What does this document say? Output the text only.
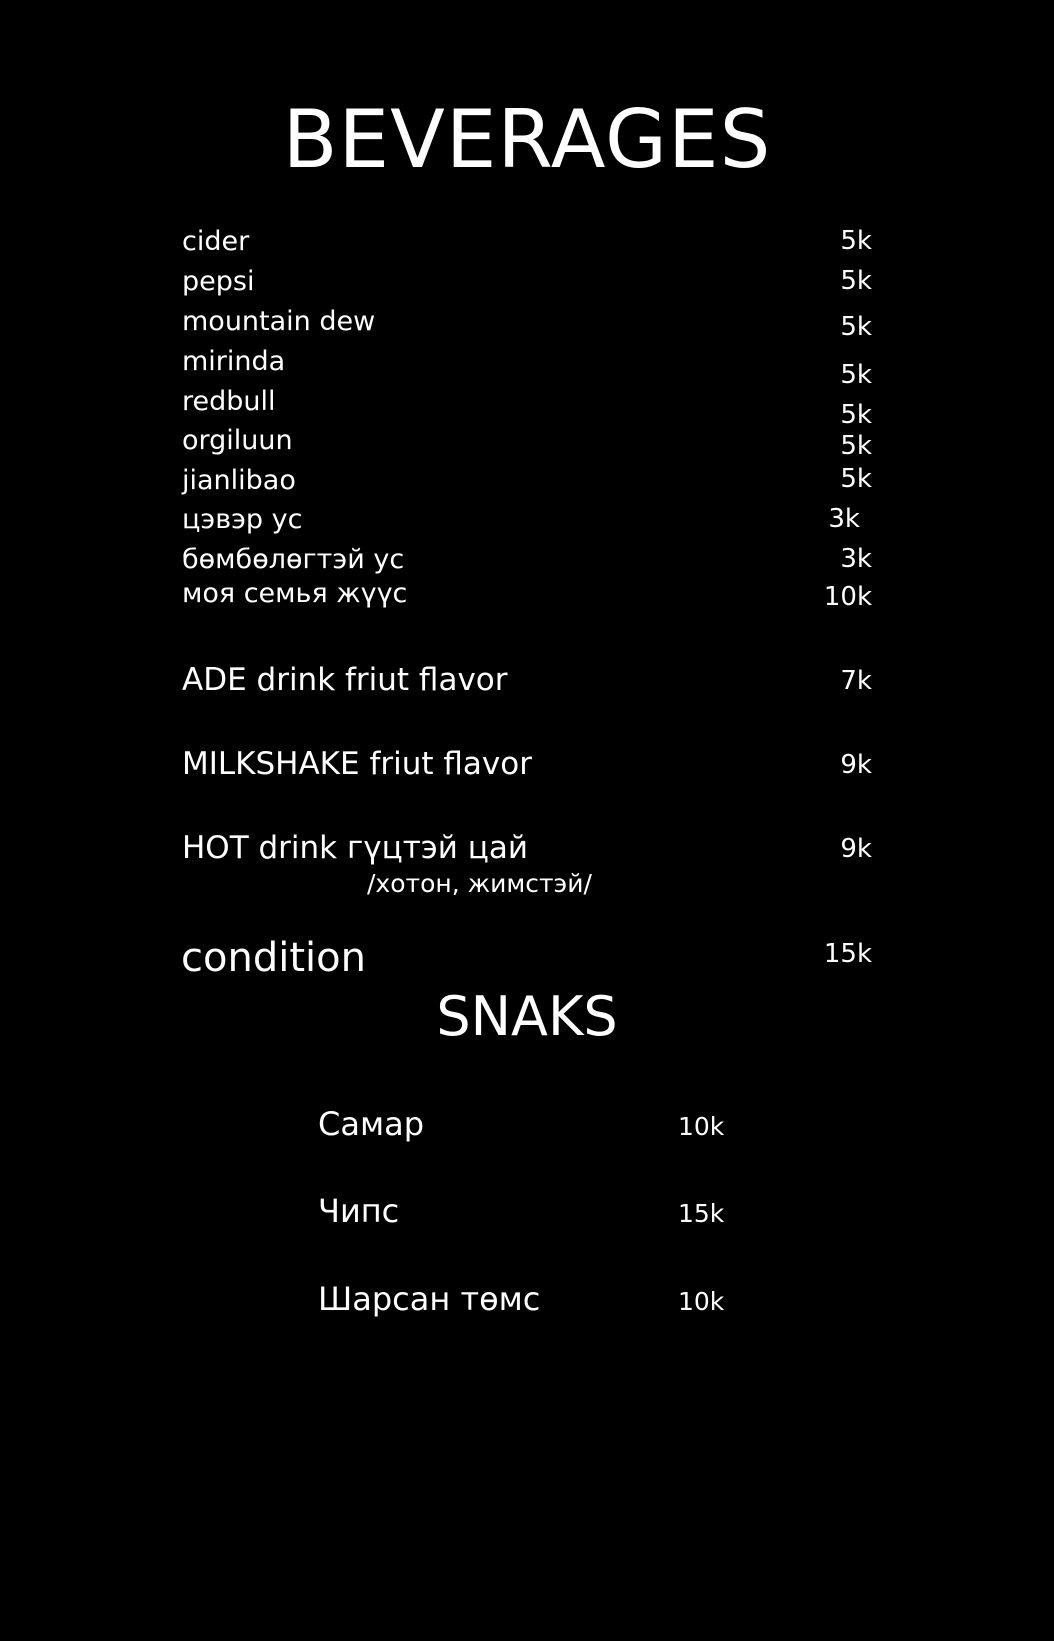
BEVERAGES
cider	5k
pepsi	5k
mountain dew	5k
mirinda	5k
redbull	5k
orgiluun	5k
jianlibao	5k
цэвэр ус	3k
бөмбөлөгтэй ус	3k
моя семья жүүс	10k
ADE drink friut flavor	7k
MILKSHAKE friut flavor	9k
HOT drink гүцтэй цай	9k
/хотон, жимстэй/
condition	15k
SNAKS
Самар	10k
Чипс	15k
Шарсан төмс	10k
